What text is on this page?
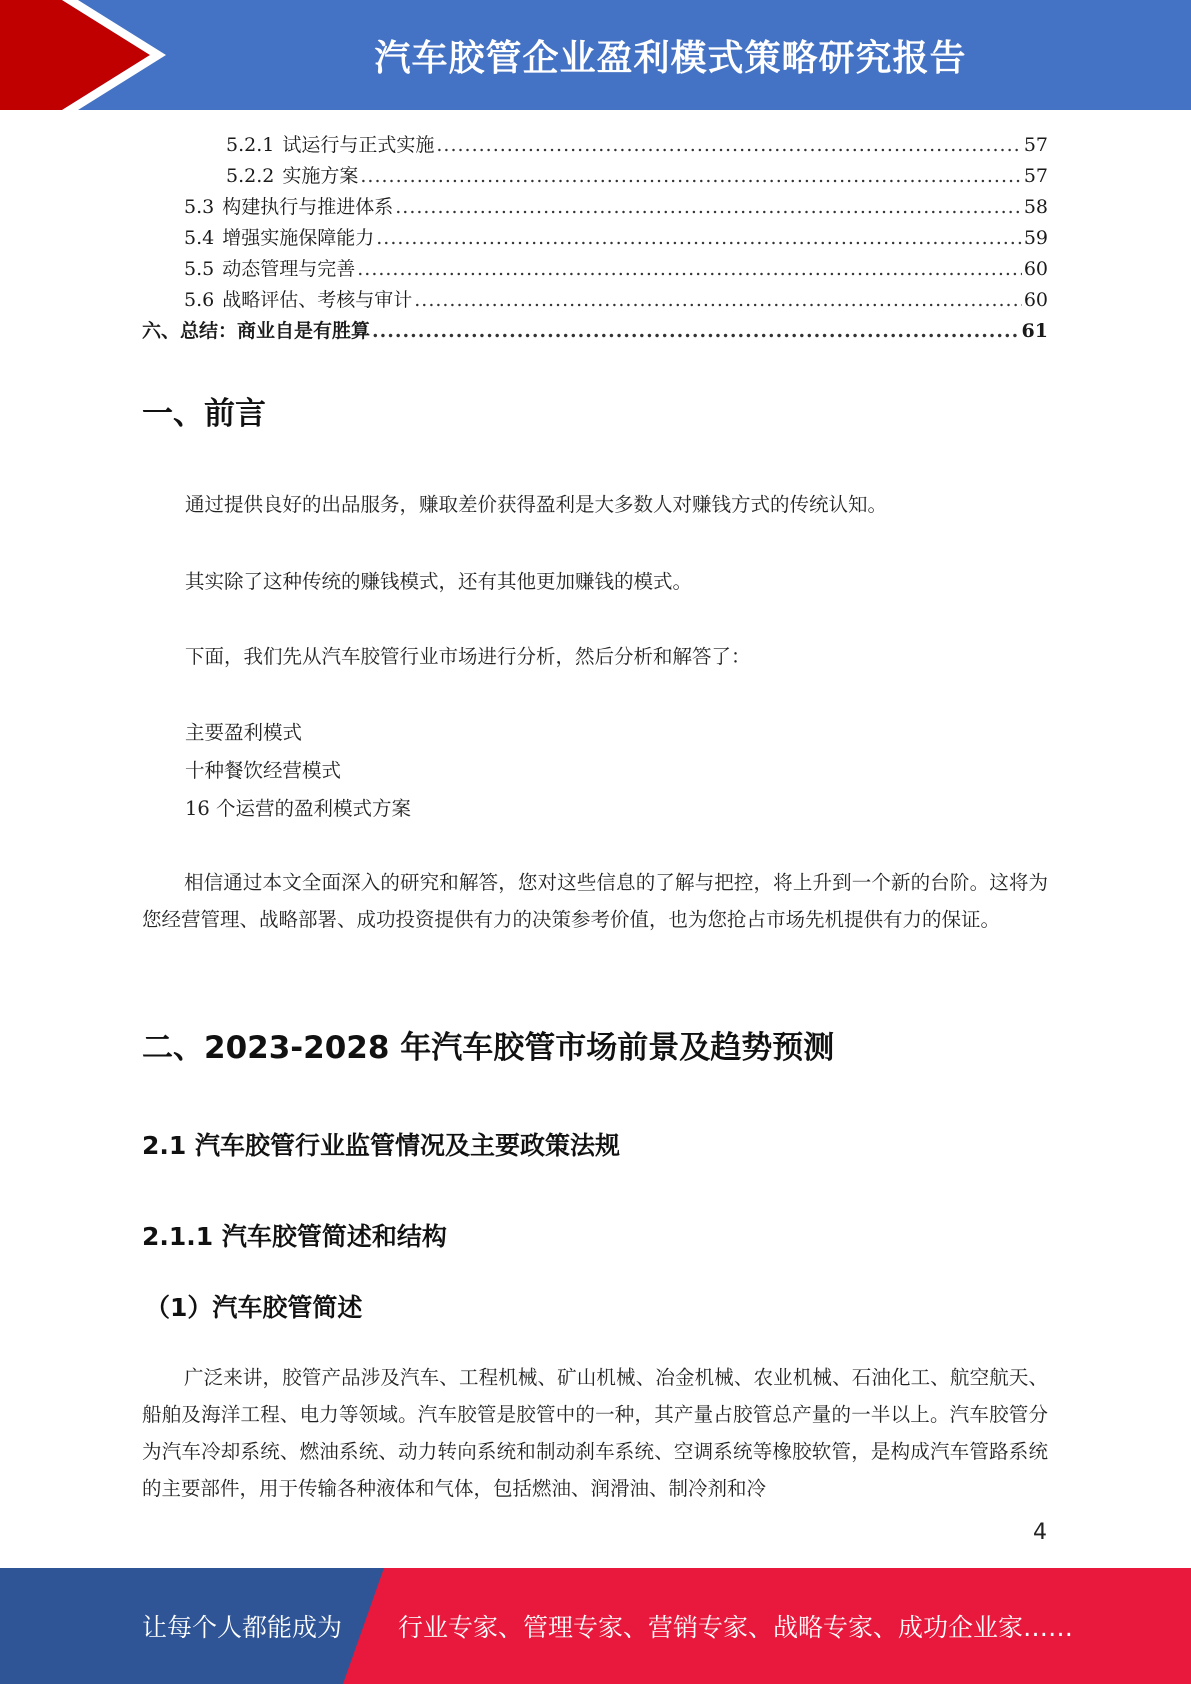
汽车胶管企业盈利模式策略研究报告
5.2.1 试运行与正式实施 .....	57
5.2.2 实施方案 .....	57
5.3 构建执行与推进体系 .....	58
5.4 增强实施保障能力 .....	59
5.5 动态管理与完善 .....	60
5.6 战略评估、考核与审计 .....	60
六、总结：商业自是有胜算 .....	61
一、前言
通过提供良好的出品服务，赚取差价获得盈利是大多数人对赚钱方式的传统认知。
其实除了这种传统的赚钱模式，还有其他更加赚钱的模式。
下面，我们先从汽车胶管行业市场进行分析，然后分析和解答了：
主要盈利模式
十种餐饮经营模式
16 个运营的盈利模式方案

相信通过本文全面深入的研究和解答，您对这些信息的了解与把控，将上升到一个新的台阶。这将为您经营管理、战略部署、成功投资提供有力的决策参考价值，也为您抢占市场先机提供有力的保证。

二、2023-2028 年汽车胶管市场前景及趋势预测
2.1 汽车胶管行业监管情况及主要政策法规
2.1.1 汽车胶管简述和结构
（1）汽车胶管简述

广泛来讲，胶管产品涉及汽车、工程机械、矿山机械、冶金机械、农业机械、石油化工、航空航天、船舶及海洋工程、电力等领域。汽车胶管是胶管中的一种，其产量占胶管总产量的一半以上。汽车胶管分为汽车冷却系统、燃油系统、动力转向系统和制动刹车系统、空调系统等橡胶软管，是构成汽车管路系统的主要部件，用于传输各种液体和气体，包括燃油、润滑油、制冷剂和冷

4
让每个人都能成为 行业专家、管理专家、营销专家、战略专家、成功企业家……
